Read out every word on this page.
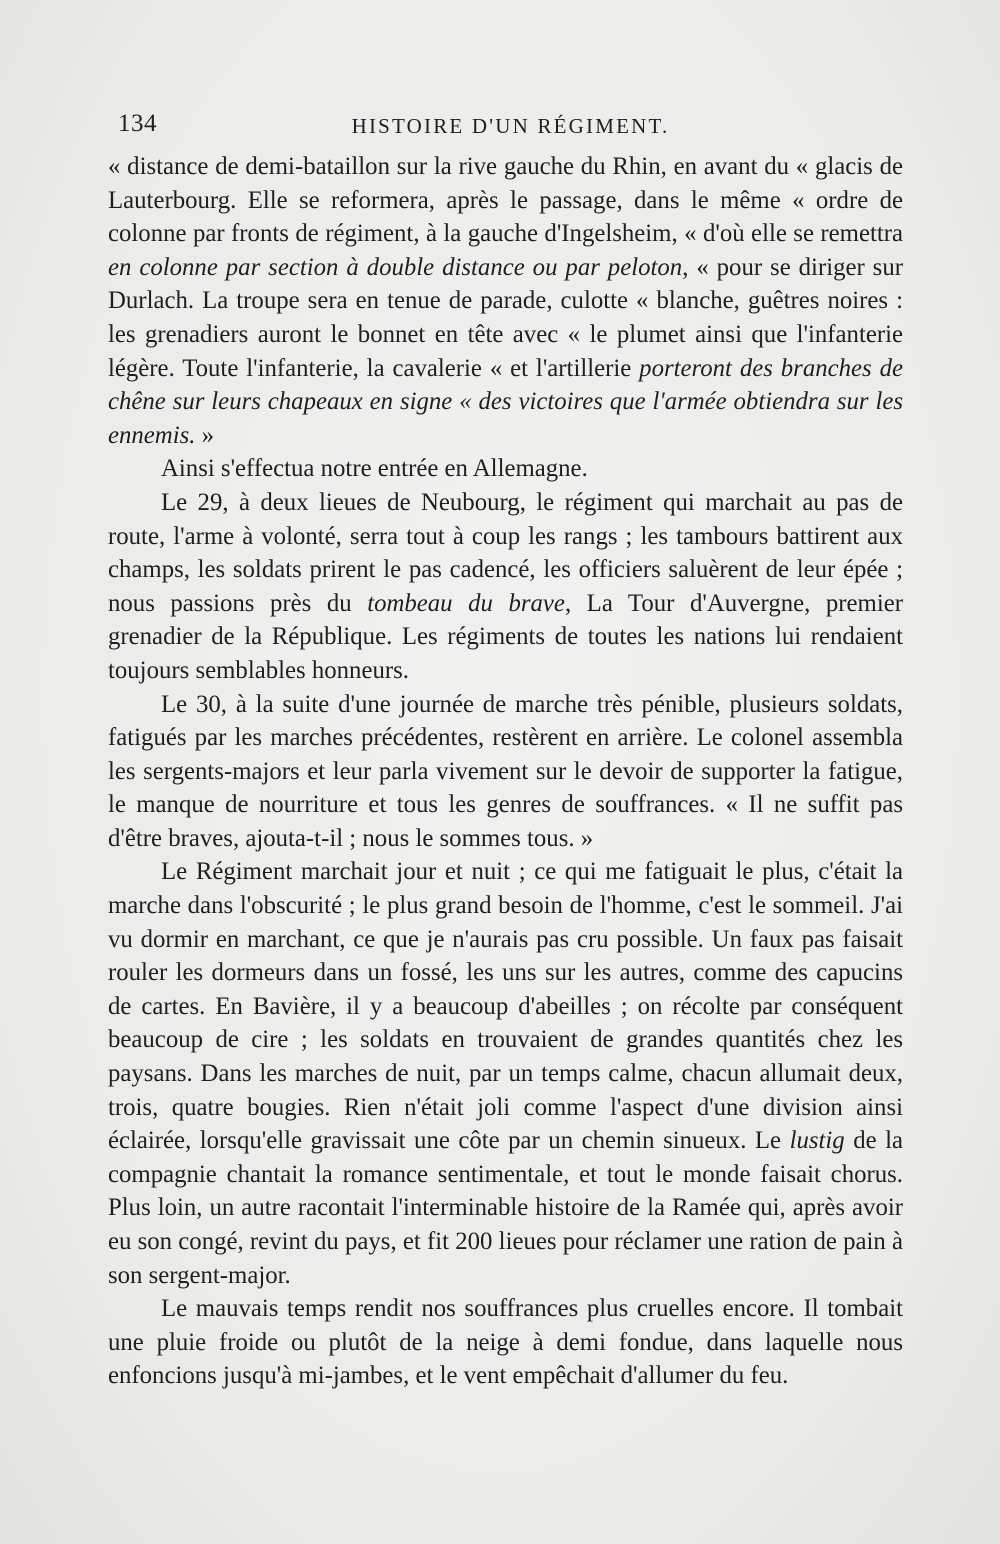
134	HISTOIRE D'UN RÉGIMENT.

« distance de demi-bataillon sur la rive gauche du Rhin, en avant du « glacis de Lauterbourg. Elle se reformera, après le passage, dans le même « ordre de colonne par fronts de régiment, à la gauche d'Ingelsheim, « d'où elle se remettra en colonne par section à double distance ou par peloton, « pour se diriger sur Durlach. La troupe sera en tenue de parade, culotte « blanche, guêtres noires : les grenadiers auront le bonnet en tête avec « le plumet ainsi que l'infanterie légère. Toute l'infanterie, la cavalerie « et l'artillerie porteront des branches de chêne sur leurs chapeaux en signe « des victoires que l'armée obtiendra sur les ennemis. »

Ainsi s'effectua notre entrée en Allemagne.

Le 29, à deux lieues de Neubourg, le régiment qui marchait au pas de route, l'arme à volonté, serra tout à coup les rangs ; les tambours battirent aux champs, les soldats prirent le pas cadencé, les officiers saluèrent de leur épée ; nous passions près du tombeau du brave, La Tour d'Auvergne, premier grenadier de la République. Les régiments de toutes les nations lui rendaient toujours semblables honneurs.

Le 30, à la suite d'une journée de marche très pénible, plusieurs soldats, fatigués par les marches précédentes, restèrent en arrière. Le colonel assembla les sergents-majors et leur parla vivement sur le devoir de supporter la fatigue, le manque de nourriture et tous les genres de souffrances. « Il ne suffit pas d'être braves, ajouta-t-il ; nous le sommes tous. »

Le Régiment marchait jour et nuit ; ce qui me fatiguait le plus, c'était la marche dans l'obscurité ; le plus grand besoin de l'homme, c'est le sommeil. J'ai vu dormir en marchant, ce que je n'aurais pas cru possible. Un faux pas faisait rouler les dormeurs dans un fossé, les uns sur les autres, comme des capucins de cartes. En Bavière, il y a beaucoup d'abeilles ; on récolte par conséquent beaucoup de cire ; les soldats en trouvaient de grandes quantités chez les paysans. Dans les marches de nuit, par un temps calme, chacun allumait deux, trois, quatre bougies. Rien n'était joli comme l'aspect d'une division ainsi éclairée, lorsqu'elle gravissait une côte par un chemin sinueux. Le lustig de la compagnie chantait la romance sentimentale, et tout le monde faisait chorus. Plus loin, un autre racontait l'interminable histoire de la Ramée qui, après avoir eu son congé, revint du pays, et fit 200 lieues pour réclamer une ration de pain à son sergent-major.

Le mauvais temps rendit nos souffrances plus cruelles encore. Il tombait une pluie froide ou plutôt de la neige à demi fondue, dans laquelle nous enfoncions jusqu'à mi-jambes, et le vent empêchait d'allumer du feu.
